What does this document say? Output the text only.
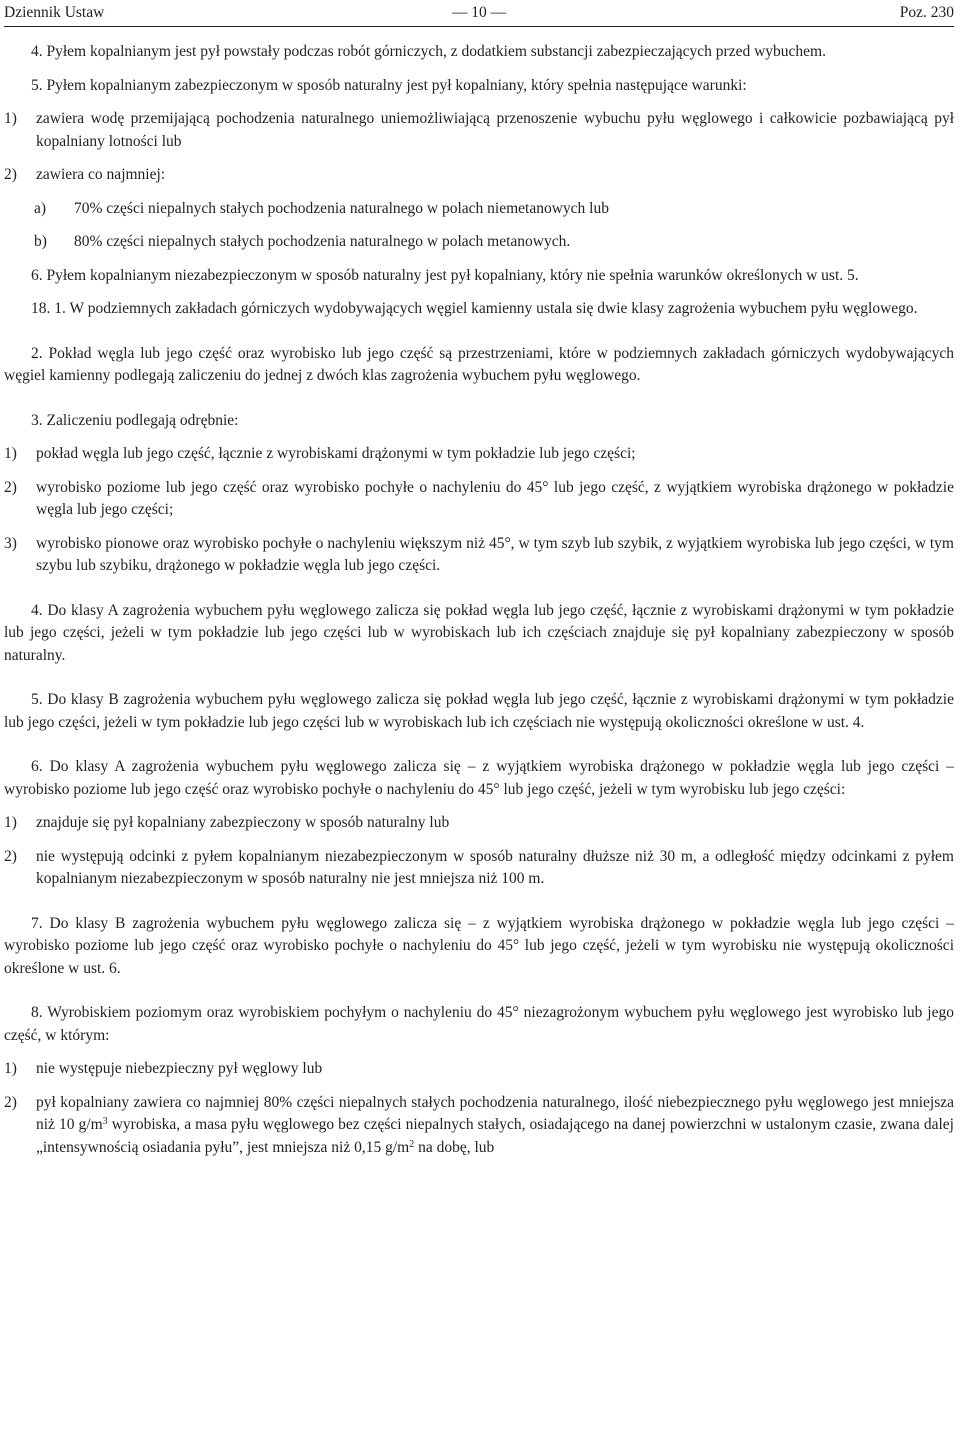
Dziennik Ustaw	— 10 —	Poz. 230

4. Pyłem kopalnianym jest pył powstały podczas robót górniczych, z dodatkiem substancji zabezpieczających przed wybuchem.

5. Pyłem kopalnianym zabezpieczonym w sposób naturalny jest pył kopalniany, który spełnia następujące warunki:

1) zawiera wodę przemijającą pochodzenia naturalnego uniemożliwiającą przenoszenie wybuchu pyłu węglowego i całkowicie pozbawiającą pył kopalniany lotności lub
2) zawiera co najmniej:
a) 70% części niepalnych stałych pochodzenia naturalnego w polach niemetanowych lub
b) 80% części niepalnych stałych pochodzenia naturalnego w polach metanowych.

6. Pyłem kopalnianym niezabezpieczonym w sposób naturalny jest pył kopalniany, który nie spełnia warunków określonych w ust. 5.

18. 1. W podziemnych zakładach górniczych wydobywających węgiel kamienny ustala się dwie klasy zagrożenia wybuchem pyłu węglowego.

2. Pokład węgla lub jego część oraz wyrobisko lub jego część są przestrzeniami, które w podziemnych zakładach górniczych wydobywających węgiel kamienny podlegają zaliczeniu do jednej z dwóch klas zagrożenia wybuchem pyłu węglowego.

3. Zaliczeniu podlegają odrębnie:

1) pokład węgla lub jego część, łącznie z wyrobiskami drążonymi w tym pokładzie lub jego części;
2) wyrobisko poziome lub jego część oraz wyrobisko pochyłe o nachyleniu do 45° lub jego część, z wyjątkiem wyrobiska drążonego w pokładzie węgla lub jego części;
3) wyrobisko pionowe oraz wyrobisko pochyłe o nachyleniu większym niż 45°, w tym szyb lub szybik, z wyjątkiem wyrobiska lub jego części, w tym szybu lub szybiku, drążonego w pokładzie węgla lub jego części.

4. Do klasy A zagrożenia wybuchem pyłu węglowego zalicza się pokład węgla lub jego część, łącznie z wyrobiskami drążonymi w tym pokładzie lub jego części, jeżeli w tym pokładzie lub jego części lub w wyrobiskach lub ich częściach znajduje się pył kopalniany zabezpieczony w sposób naturalny.

5. Do klasy B zagrożenia wybuchem pyłu węglowego zalicza się pokład węgla lub jego część, łącznie z wyrobiskami drążonymi w tym pokładzie lub jego części, jeżeli w tym pokładzie lub jego części lub w wyrobiskach lub ich częściach nie występują okoliczności określone w ust. 4.

6. Do klasy A zagrożenia wybuchem pyłu węglowego zalicza się – z wyjątkiem wyrobiska drążonego w pokładzie węgla lub jego części – wyrobisko poziome lub jego część oraz wyrobisko pochyłe o nachyleniu do 45° lub jego część, jeżeli w tym wyrobisku lub jego części:

1) znajduje się pył kopalniany zabezpieczony w sposób naturalny lub
2) nie występują odcinki z pyłem kopalnianym niezabezpieczonym w sposób naturalny dłuższe niż 30 m, a odległość między odcinkami z pyłem kopalnianym niezabezpieczonym w sposób naturalny nie jest mniejsza niż 100 m.

7. Do klasy B zagrożenia wybuchem pyłu węglowego zalicza się – z wyjątkiem wyrobiska drążonego w pokładzie węgla lub jego części – wyrobisko poziome lub jego część oraz wyrobisko pochyłe o nachyleniu do 45° lub jego część, jeżeli w tym wyrobisku nie występują okoliczności określone w ust. 6.

8. Wyrobiskiem poziomym oraz wyrobiskiem pochyłym o nachyleniu do 45° niezagrożonym wybuchem pyłu węglowego jest wyrobisko lub jego część, w którym:

1) nie występuje niebezpieczny pył węglowy lub
2) pył kopalniany zawiera co najmniej 80% części niepalnych stałych pochodzenia naturalnego, ilość niebezpiecznego pyłu węglowego jest mniejsza niż 10 $g/m^3$ wyrobiska, a masa pyłu węglowego bez części niepalnych stałych, osiadającego na danej powierzchni w ustalonym czasie, zwana dalej „intensywnością osiadania pyłu”, jest mniejsza niż 0,15 $g/m^2$ na dobę, lub
